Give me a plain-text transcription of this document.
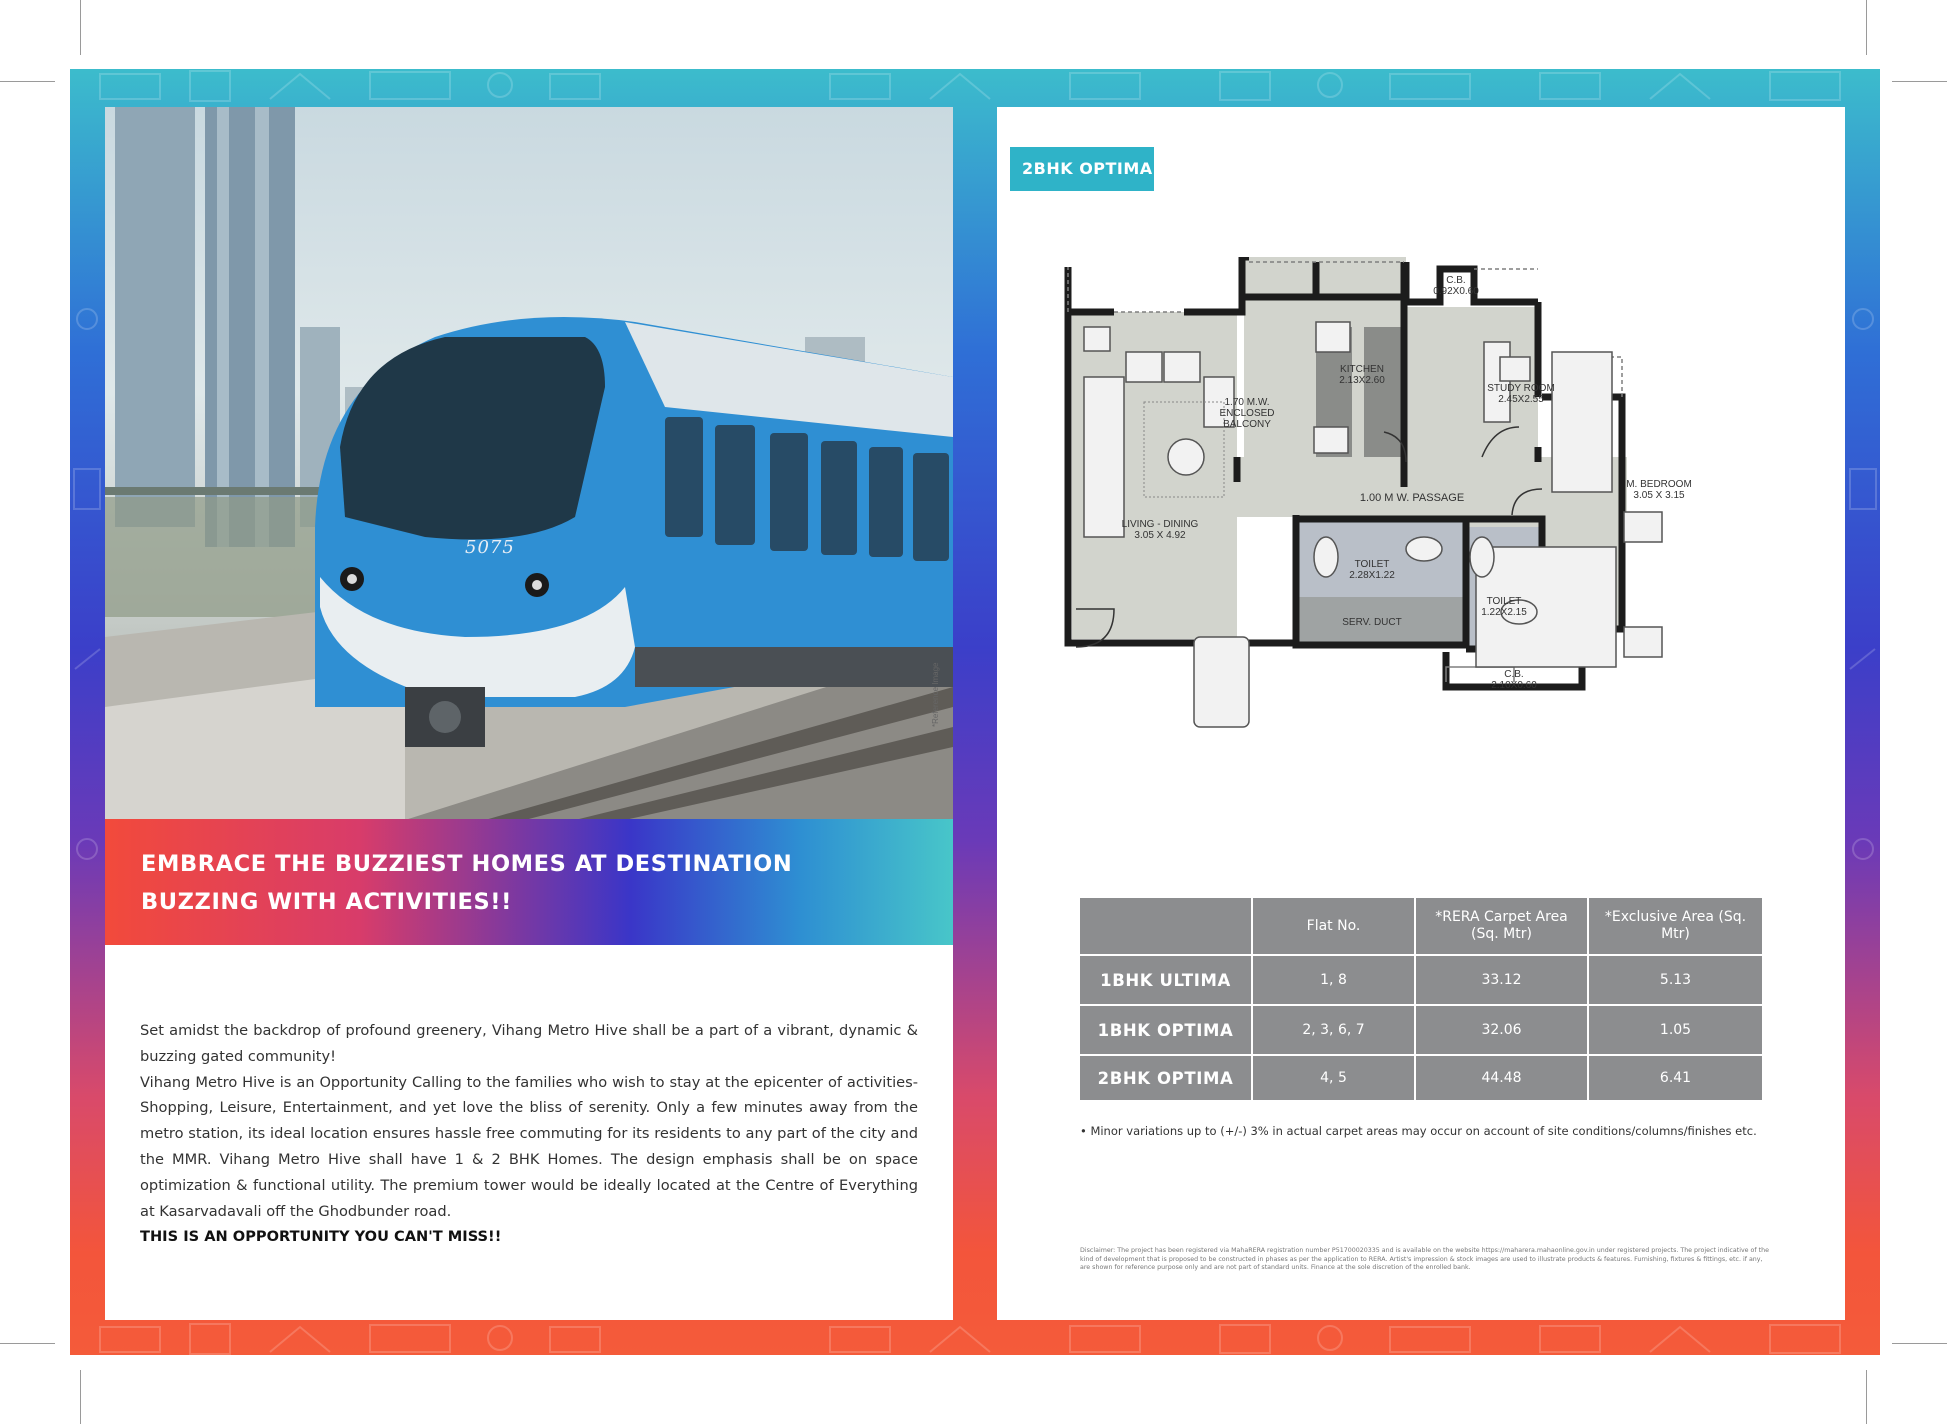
5075
*Reference Image
EMBRACE THE BUZZIEST HOMES AT DESTINATION
BUZZING WITH ACTIVITIES!!

Set amidst the backdrop of profound greenery, Vihang Metro Hive shall be a part of a vibrant, dynamic & buzzing gated community!

Vihang Metro Hive is an Opportunity Calling to the families who wish to stay at the epicenter of activities-Shopping, Leisure, Entertainment, and yet love the bliss of serenity. Only a few minutes away from the metro station, its ideal location ensures hassle free commuting for its residents to any part of the city and the MMR. Vihang Metro Hive shall have 1 & 2 BHK Homes. The design emphasis shall be on space optimization & functional utility. The premium tower would be ideally located at the Centre of Everything at Kasarvadavali off the Ghodbunder road.

THIS IS AN OPPORTUNITY YOU CAN'T MISS!!

2BHK OPTIMA
C.B.
0.92X0.60
KITCHEN
2.13X2.60
STUDY ROOM
2.45X2.55
1.70 M.W.
ENCLOSED
BALCONY
LIVING - DINING
3.05 X 4.92
1.00 M W. PASSAGE
M. BEDROOM
3.05 X 3.15
TOILET
2.28X1.22
TOILET
1.22X2.15
SERV. DUCT
C.B.
2.10X0.60
	Flat No.	*RERA Carpet Area (Sq. Mtr)	*Exclusive Area (Sq. Mtr)
1BHK ULTIMA	1, 8	33.12	5.13
1BHK OPTIMA	2, 3, 6, 7	32.06	1.05
2BHK OPTIMA	4, 5	44.48	6.41
• Minor variations up to (+/-) 3% in actual carpet areas may occur on account of site conditions/columns/finishes etc.
Disclaimer: The project has been registered via MahaRERA registration number P51700020335 and is available on the website https://maharera.mahaonline.gov.in under registered projects. The project indicative of the kind of development that is proposed to be constructed in phases as per the application to RERA. Artist's impression & stock images are used to illustrate products & features. Furnishing, fixtures & fittings, etc. if any, are shown for reference purpose only and are not part of standard units. Finance at the sole discretion of the enrolled bank.
